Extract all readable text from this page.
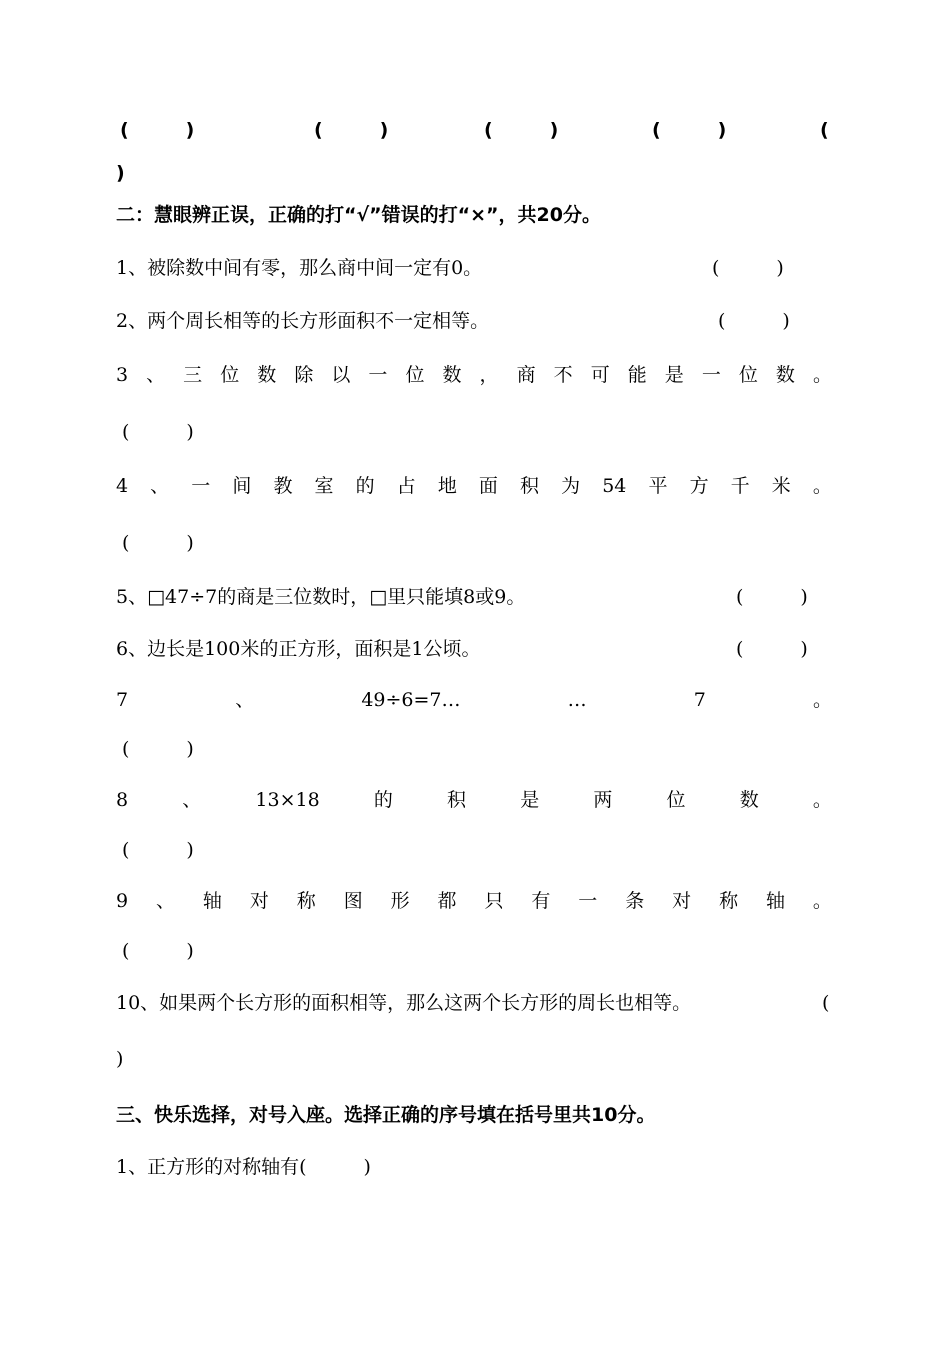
(　　　)	(　　　)	(　　　)	(　　　)	(
)
二：慧眼辨正误，正确的打“√”错误的打“×”，共20分。
1、被除数中间有零，那么商中间一定有0。	(　　　)
2、两个周长相等的长方形面积不一定相等。	(　　　)
3 、 三 位 数 除 以 一 位 数 ， 商 不 可 能 是 一 位 数 。
(　　　)
4 、 一 间 教 室 的 占 地 面 积 为 54 平 方 千 米 。
(　　　)
5、□47÷7的商是三位数时，□里只能填8或9。	(　　　)
6、边长是100米的正方形，面积是1公顷。	(　　　)
7	、	49÷6=7…	…	7	。
(　　　)
8	、	13×18	的	积	是	两	位	数	。
(　　　)
9 、 轴 对 称 图 形 都 只 有 一 条 对 称 轴 。
(　　　)
10、如果两个长方形的面积相等，那么这两个长方形的周长也相等。	(
)
三、快乐选择，对号入座。选择正确的序号填在括号里共10分。
1、正方形的对称轴有(　　　)
